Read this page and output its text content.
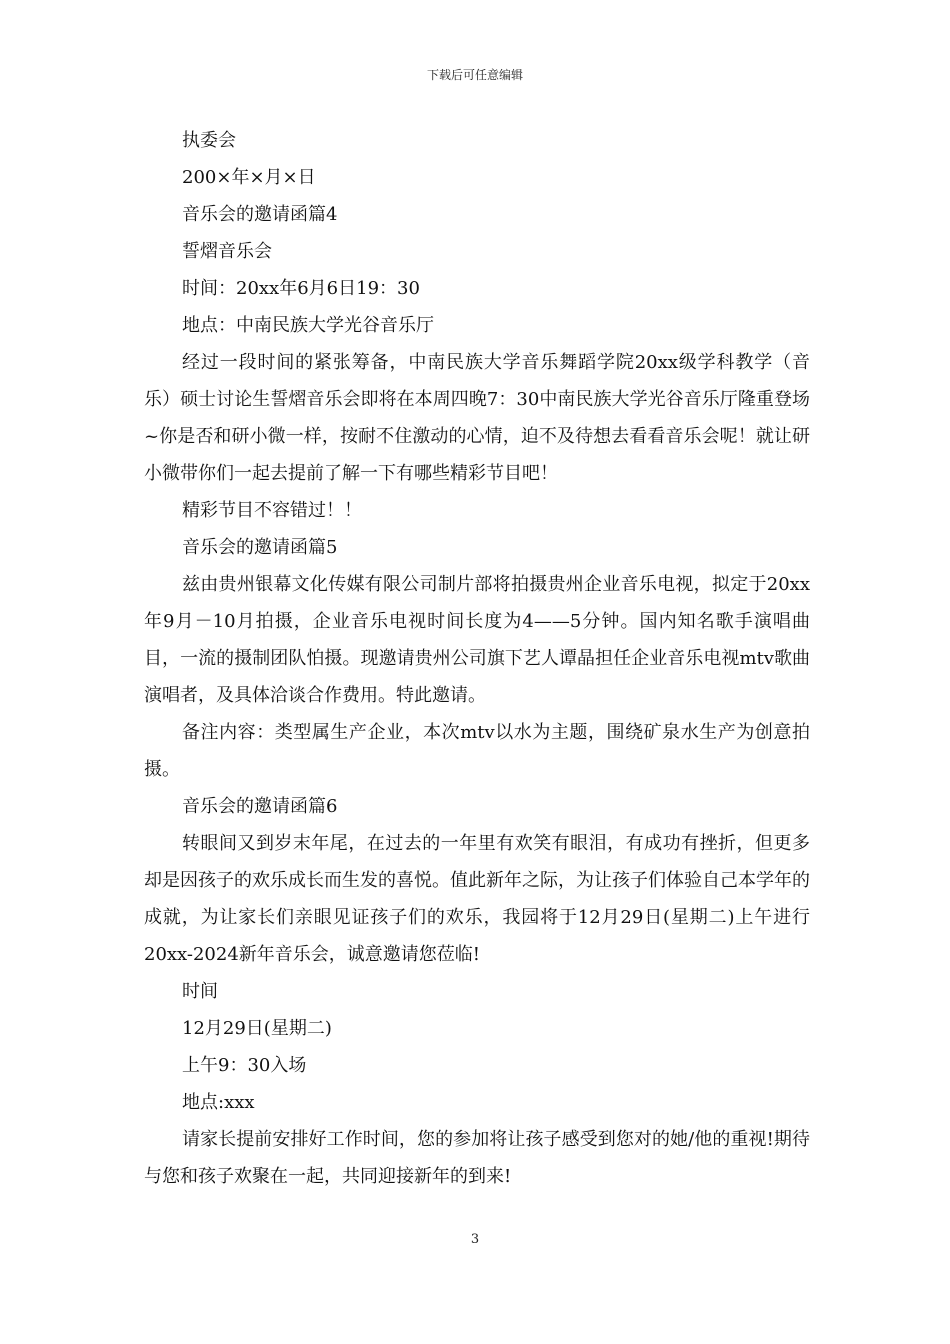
下载后可任意编辑
执委会
200×年×月×日
音乐会的邀请函篇4
誓熠音乐会
时间：20xx年6月6日19：30
地点：中南民族大学光谷音乐厅

经过一段时间的紧张筹备，中南民族大学音乐舞蹈学院20xx级学科教学（音乐）硕士讨论生誓熠音乐会即将在本周四晚7：30中南民族大学光谷音乐厅隆重登场~你是否和研小微一样，按耐不住激动的心情，迫不及待想去看看音乐会呢！就让研小微带你们一起去提前了解一下有哪些精彩节目吧！

精彩节目不容错过！！
音乐会的邀请函篇5

兹由贵州银幕文化传媒有限公司制片部将拍摄贵州企业音乐电视，拟定于20xx年9月－10月拍摄，企业音乐电视时间长度为4——5分钟。国内知名歌手演唱曲目，一流的摄制团队怕摄。现邀请贵州公司旗下艺人谭晶担任企业音乐电视mtv歌曲演唱者，及具体洽谈合作费用。特此邀请。

备注内容：类型属生产企业，本次mtv以水为主题，围绕矿泉水生产为创意拍摄。

音乐会的邀请函篇6

转眼间又到岁末年尾，在过去的一年里有欢笑有眼泪，有成功有挫折，但更多却是因孩子的欢乐成长而生发的喜悦。值此新年之际，为让孩子们体验自己本学年的成就，为让家长们亲眼见证孩子们的欢乐，我园将于12月29日(星期二)上午进行20xx-2024新年音乐会，诚意邀请您莅临!

时间
12月29日(星期二)
上午9：30入场
地点:xxx

请家长提前安排好工作时间，您的参加将让孩子感受到您对的她/他的重视!期待与您和孩子欢聚在一起，共同迎接新年的到来!

3
